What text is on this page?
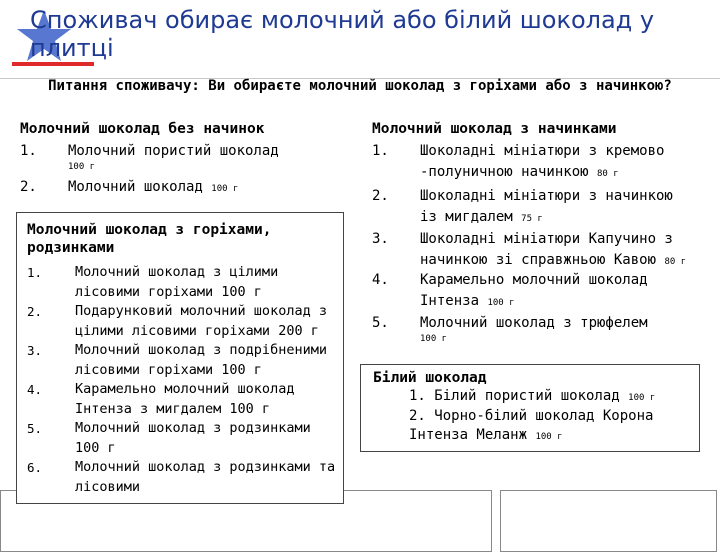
Споживач обирає молочний або білий шоколад у плитці
Питання споживачу: Ви обираєте молочний шоколад з горіхами або з начинкою?
Молочний шоколад без начинок
1.	Молочний пористий шоколад
100 г
2.	Молочний шоколад 100 г
Молочний шоколад з горіхами, родзинками
1.	Молочний шоколад з цілими лісовими горіхами 100 г
2.	Подарунковий молочний шоколад з цілими лісовими горіхами 200 г
3.	Молочний шоколад з подрібненими лісовими горіхами 100 г
4.	Карамельно молочний шоколад Інтенза з мигдалем 100 г
5.	Молочний шоколад з родзинками 100 г
6.	Молочний шоколад з родзинками та лісовими
Молочний шоколад з начинками
1.	Шоколадні мініатюри з кремово -полуничною начинкою 80 г
2.	Шоколадні мініатюри з начинкою із мигдалем 75 г
3.	Шоколадні мініатюри Капучино з начинкою зі справжньою Кавою 80 г
4.	Карамельно молочний шоколад Інтенза 100 г
5.	Молочний шоколад з трюфелем
100 г
Білий шоколад
1. Білий пористий шоколад 100 г
2. Чорно-білий шоколад Корона Інтенза Меланж 100 г
